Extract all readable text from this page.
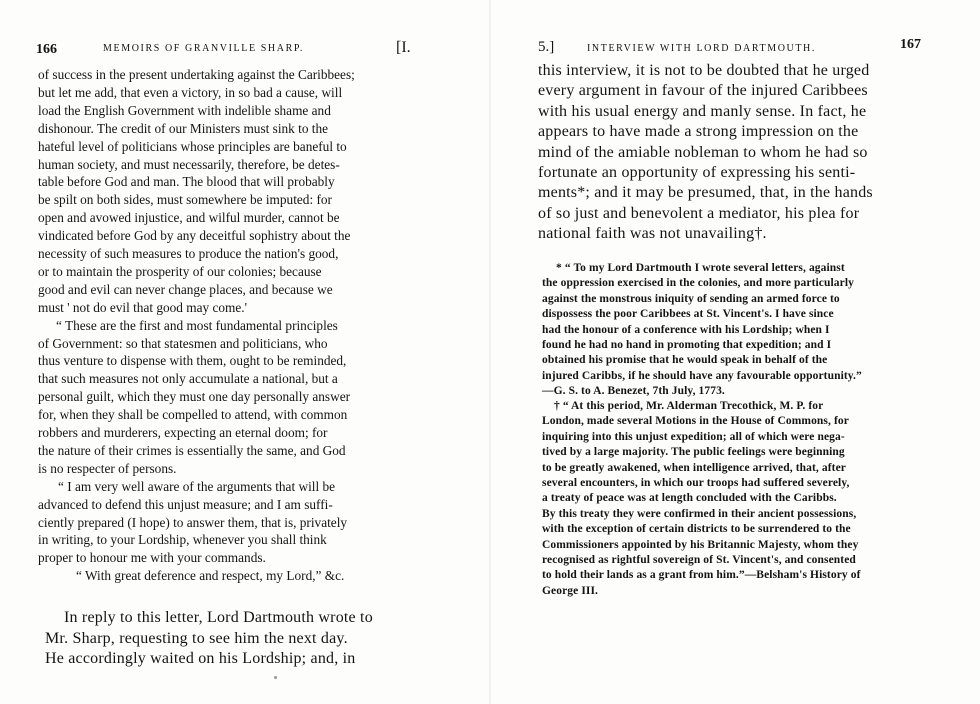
166	MEMOIRS OF GRANVILLE SHARP.	[I.
of success in the present undertaking against the Caribbees;
but let me add, that even a victory, in so bad a cause, will
load the English Government with indelible shame and
dishonour. The credit of our Ministers must sink to the
hateful level of politicians whose principles are baneful to
human society, and must necessarily, therefore, be detes-
table before God and man. The blood that will probably
be spilt on both sides, must somewhere be imputed: for
open and avowed injustice, and wilful murder, cannot be
vindicated before God by any deceitful sophistry about the
necessity of such measures to produce the nation's good,
or to maintain the prosperity of our colonies; because
good and evil can never change places, and because we
must ' not do evil that good may come.'
“ These are the first and most fundamental principles
of Government: so that statesmen and politicians, who
thus venture to dispense with them, ought to be reminded,
that such measures not only accumulate a national, but a
personal guilt, which they must one day personally answer
for, when they shall be compelled to attend, with common
robbers and murderers, expecting an eternal doom; for
the nature of their crimes is essentially the same, and God
is no respecter of persons.
“ I am very well aware of the arguments that will be
advanced to defend this unjust measure; and I am suffi-
ciently prepared (I hope) to answer them, that is, privately
in writing, to your Lordship, whenever you shall think
proper to honour me with your commands.
“ With great deference and respect, my Lord,” &c.
In reply to this letter, Lord Dartmouth wrote to
Mr. Sharp, requesting to see him the next day.
He accordingly waited on his Lordship; and, in
5.]	INTERVIEW WITH LORD DARTMOUTH.	167
this interview, it is not to be doubted that he urged
every argument in favour of the injured Caribbees
with his usual energy and manly sense. In fact, he
appears to have made a strong impression on the
mind of the amiable nobleman to whom he had so
fortunate an opportunity of expressing his senti-
ments*; and it may be presumed, that, in the hands
of so just and benevolent a mediator, his plea for
national faith was not unavailing†.
* “ To my Lord Dartmouth I wrote several letters, against
the oppression exercised in the colonies, and more particularly
against the monstrous iniquity of sending an armed force to
dispossess the poor Caribbees at St. Vincent's. I have since
had the honour of a conference with his Lordship; when I
found he had no hand in promoting that expedition; and I
obtained his promise that he would speak in behalf of the
injured Caribbs, if he should have any favourable opportunity.”
—G. S. to A. Benezet, 7th July, 1773.
† “ At this period, Mr. Alderman Trecothick, M. P. for
London, made several Motions in the House of Commons, for
inquiring into this unjust expedition; all of which were nega-
tived by a large majority. The public feelings were beginning
to be greatly awakened, when intelligence arrived, that, after
several encounters, in which our troops had suffered severely,
a treaty of peace was at length concluded with the Caribbs.
By this treaty they were confirmed in their ancient possessions,
with the exception of certain districts to be surrendered to the
Commissioners appointed by his Britannic Majesty, whom they
recognised as rightful sovereign of St. Vincent's, and consented
to hold their lands as a grant from him.”—Belsham's History of
George III.
